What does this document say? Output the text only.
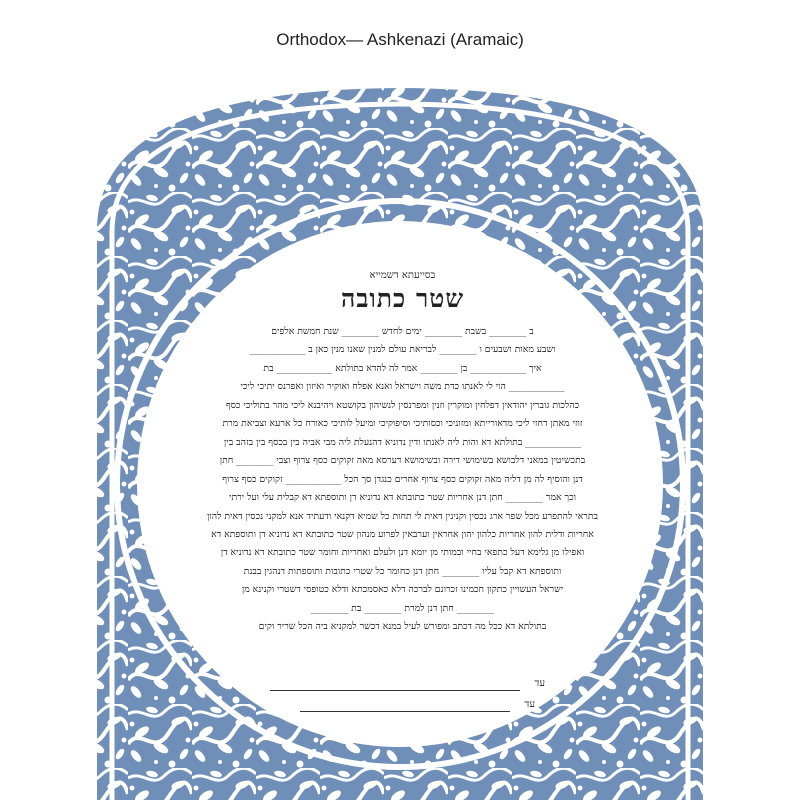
Orthodox— Ashkenazi (Aramaic)
בסייעתא דשמייא
שטר כתובה
ב ________ בשבת ________ ימים לחדש ________ שנת חמשת אלפים
ושבע מאות ושבעים ו ________ לבריאת עולם למנין שאנו מנין כאן ב ____________
איך ____________ בן ________ אמר לה להדא בתולתא ____________ בת
____________ הוי לי לאנתו כדת משה וישראל ואנא אפלח ואוקיר ואיזון ואפרנס יתיכי ליכי
כהלכות גוברין יהודאין דפלחין ומוקרין וזנין ומפרנסין לנשיהון בקושטא ויהיבנא ליכי מהר בתוליכי כסף
זוזי מאתן דחזי ליכי מדאורייתא ומזוניכי וכסותיכי וסיפוקיכי ומיעל לותיכי כאורח כל ארעא וצביאת מרת
____________ בתולתא דא והות ליה לאנתו ודין נדוניא דהנעלת ליה מבי אביה בין בכסף בין בזהב בין
בתכשיטין במאני דלבושא בשימושי דירה ובשימושא דערסא מאה זקוקים כסף צרוף וצבי ________ חתן
דנן והוסיף לה מן דליה מאה זקוקים כסף צרוף אחרים כנגדן סך הכל ____________ זקוקים כסף צרוף
וכך אמר ________ חתן דנן אחריות שטר כתובתא דא נדוניא דן ותוספתא דא קבלית עלי ועל ירתי
בתראי להתפרע מכל שפר ארג נכסין וקנינין דאית לי תחות כל שמיא דקנאי ודעתיד אנא למקני נכסין דאית להון
אחריות ודלית להון אחריות כלהון יהון אחראין וערבאין לפרוע מנהון שטר כתובתא דא נדוניא דן ותוספתא דא
ואפילו מן גלימא דעל כתפאי בחיי ובמותי מן יומא דנן ולעלם ואחריות וחומר שטר כתובתא דא נדוניא דן
ותוספתא דא קבל עליו ________ חתן דנן כחומר כל שטרי כתובות ותוספתות דנהגין בבנת
ישראל העשויין כתקון חכמינו זכרונם לברכה דלא כאסמכתא ודלא כטופסי דשטרי וקנינא מן
________ חתן דנן למרת ________ בת ________
בתולתא דא ככל מה דכתב ומפורש לעיל במנא דכשר למקניא ביה הכל שריר וקים
עד
עד
